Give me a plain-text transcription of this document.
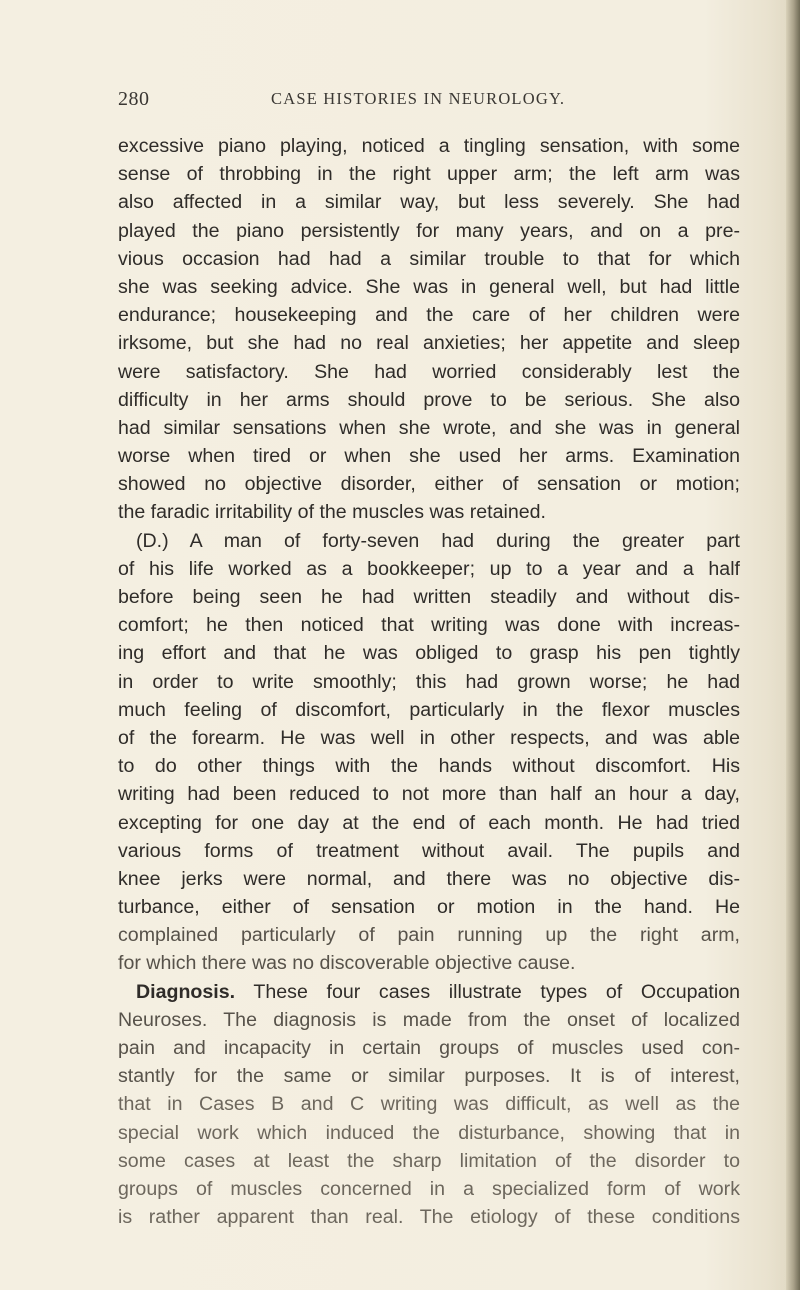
280	CASE HISTORIES IN NEUROLOGY.
excessive piano playing, noticed a tingling sensation, with some
sense of throbbing in the right upper arm; the left arm was
also affected in a similar way, but less severely. She had
played the piano persistently for many years, and on a pre-
vious occasion had had a similar trouble to that for which
she was seeking advice. She was in general well, but had little
endurance; housekeeping and the care of her children were
irksome, but she had no real anxieties; her appetite and sleep
were satisfactory. She had worried considerably lest the
difficulty in her arms should prove to be serious. She also
had similar sensations when she wrote, and she was in general
worse when tired or when she used her arms. Examination
showed no objective disorder, either of sensation or motion;
the faradic irritability of the muscles was retained.
(D.) A man of forty-seven had during the greater part
of his life worked as a bookkeeper; up to a year and a half
before being seen he had written steadily and without dis-
comfort; he then noticed that writing was done with increas-
ing effort and that he was obliged to grasp his pen tightly
in order to write smoothly; this had grown worse; he had
much feeling of discomfort, particularly in the flexor muscles
of the forearm. He was well in other respects, and was able
to do other things with the hands without discomfort. His
writing had been reduced to not more than half an hour a day,
excepting for one day at the end of each month. He had tried
various forms of treatment without avail. The pupils and
knee jerks were normal, and there was no objective dis-
turbance, either of sensation or motion in the hand. He
complained particularly of pain running up the right arm,
for which there was no discoverable objective cause.
Diagnosis. These four cases illustrate types of Occupation
Neuroses. The diagnosis is made from the onset of localized
pain and incapacity in certain groups of muscles used con-
stantly for the same or similar purposes. It is of interest,
that in Cases B and C writing was difficult, as well as the
special work which induced the disturbance, showing that in
some cases at least the sharp limitation of the disorder to
groups of muscles concerned in a specialized form of work
is rather apparent than real. The etiology of these conditions
